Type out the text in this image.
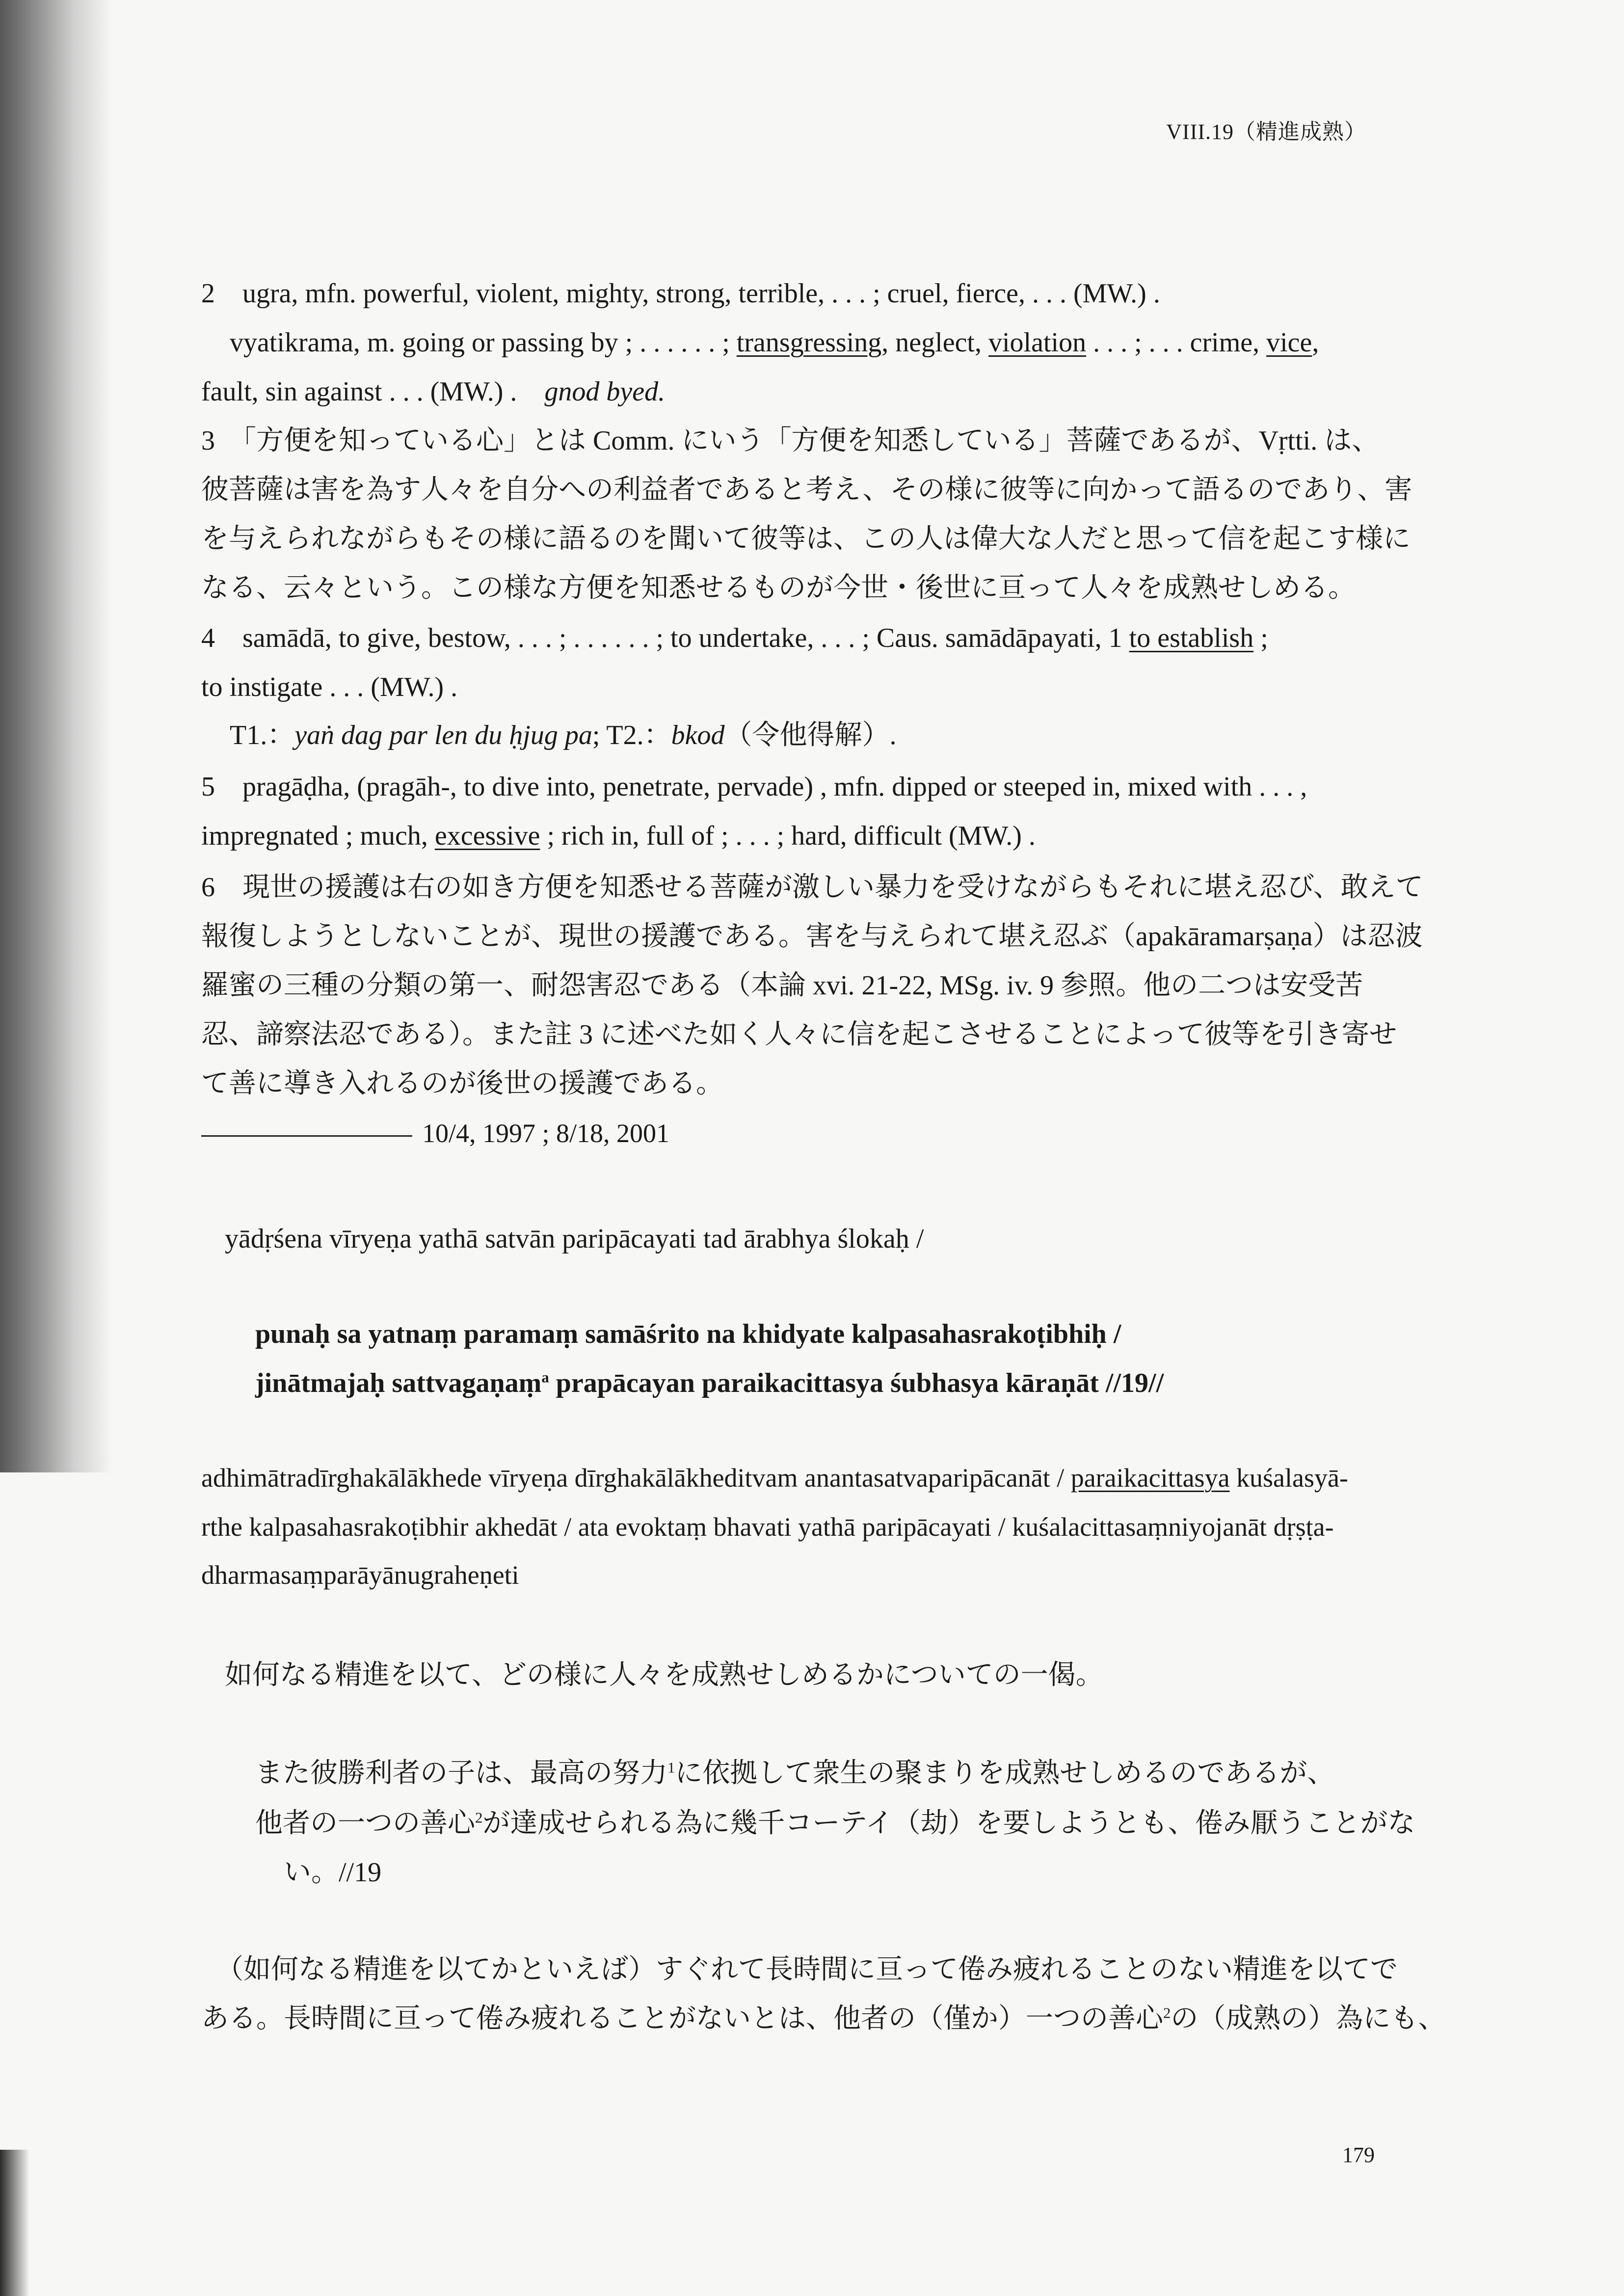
VIII.19（精進成熟）
2　ugra, mfn. powerful, violent, mighty, strong, terrible, . . . ; cruel, fierce, . . . (MW.) .
vyatikrama, m. going or passing by ; . . . . . . ; transgressing, neglect, violation . . . ; . . . crime, vice,
fault, sin against . . . (MW.) .　gnod byed.
3　「方便を知っている心」とは Comm. にいう「方便を知悉している」菩薩であるが、Vṛtti. は、
彼菩薩は害を為す人々を自分への利益者であると考え、その様に彼等に向かって語るのであり、害
を与えられながらもその様に語るのを聞いて彼等は、この人は偉大な人だと思って信を起こす様に
なる、云々という。この様な方便を知悉せるものが今世・後世に亘って人々を成熟せしめる。
4　samādā, to give, bestow, . . . ; . . . . . . ; to undertake, . . . ; Caus. samādāpayati, 1 to establish ;
to instigate . . . (MW.) .
T1.：yaṅ dag par len du ḥjug pa; T2.：bkod（令他得解）.
5　pragāḍha, (pragāh-, to dive into, penetrate, pervade) , mfn. dipped or steeped in, mixed with . . . ,
impregnated ; much, excessive ; rich in, full of ; . . . ; hard, difficult (MW.) .
6　現世の援護は右の如き方便を知悉せる菩薩が激しい暴力を受けながらもそれに堪え忍び、敢えて
報復しようとしないことが、現世の援護である。害を与えられて堪え忍ぶ（apakāramarṣaṇa）は忍波
羅蜜の三種の分類の第一、耐怨害忍である（本論 xvi. 21-22, MSg. iv. 9 参照。他の二つは安受苦
忍、諦察法忍である）。また註 3 に述べた如く人々に信を起こさせることによって彼等を引き寄せ
て善に導き入れるのが後世の援護である。
10/4, 1997 ; 8/18, 2001
yādṛśena vīryeṇa yathā satvān paripācayati tad ārabhya ślokaḥ /
punaḥ sa yatnaṃ paramaṃ samāśrito na khidyate kalpasahasrakoṭibhiḥ /
jinātmajaḥ sattvagaṇaṃ$^a$ prapācayan paraikacittasya śubhasya kāraṇāt //19//
adhimātradīrghakālākhede vīryeṇa dīrghakālākheditvam anantasatvaparipācanāt / paraikacittasya kuśalasyā-
rthe kalpasahasrakoṭibhir akhedāt / ata evoktaṃ bhavati yathā paripācayati / kuśalacittasaṃniyojanāt dṛṣṭa-
dharmasaṃparāyānugraheṇeti
如何なる精進を以て、どの様に人々を成熟せしめるかについての一偈。
また彼勝利者の子は、最高の努力$^1$に依拠して衆生の聚まりを成熟せしめるのであるが、
他者の一つの善心$^2$が達成せられる為に幾千コーテイ（劫）を要しようとも、倦み厭うことがな
い。//19
（如何なる精進を以てかといえば）すぐれて長時間に亘って倦み疲れることのない精進を以てで
ある。長時間に亘って倦み疲れることがないとは、他者の（僅か）一つの善心$^2$の（成熟の）為にも、
179
